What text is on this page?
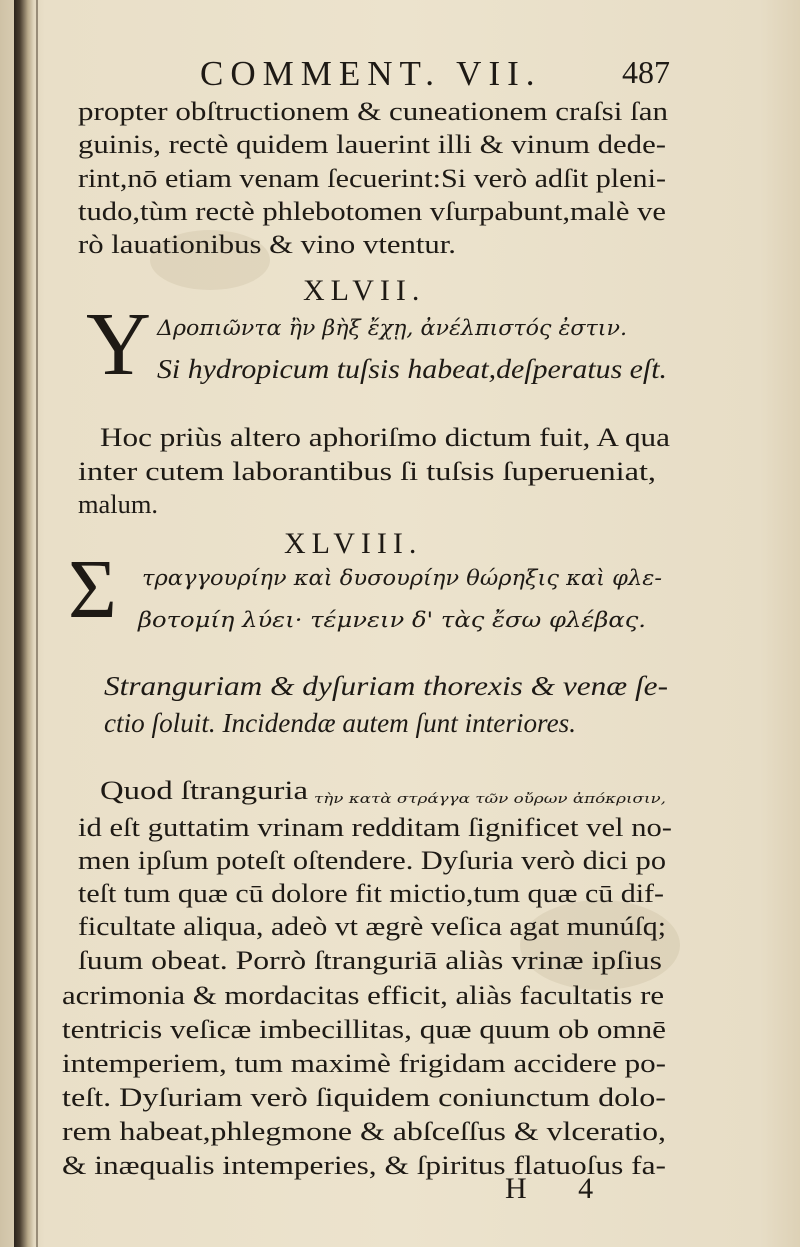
COMMENT. VII.	487
propter obſtructionem & cuneationem craſsi ſan
guinis, rectè quidem lauerint illi & vinum dede-
rint,nō etiam venam ſecuerint:Si verò adſit pleni-
tudo,tùm rectè phlebotomen vſurpabunt,malè ve
rò lauationibus & vino vtentur.
XLVII.
Y Δροπιῶντα ἢν βὴξ ἔχῃ, ἀνέλπιστός ἐστιν.
Si hydropicum tuſsis habeat,deſperatus eſt.
Hoc priùs altero aphoriſmo dictum fuit, A qua
inter cutem laborantibus ſi tuſsis ſuperueniat,
malum.
XLVIII.
Σ τραγγουρίην καὶ δυσουρίην θώρηξις καὶ φλε-
βοτομίη λύει· τέμνειν δ' τὰς ἔσω φλέβας.
Stranguriam & dyſuriam thorexis & venæ ſe-
ctio ſoluit. Incidendæ autem ſunt interiores.
Quod ſtranguria τὴν κατὰ στράγγα τῶν οὔρων ἀπόκρισιν,
id eſt guttatim vrinam redditam ſignificet vel no-
men ipſum poteſt oſtendere. Dyſuria verò dici po
teſt tum quæ cū dolore fit mictio,tum quæ cū dif-
ficultate aliqua, adeò vt ægrè veſica agat munúſq;
ſuum obeat. Porrò ſtranguriā aliàs vrinæ ipſius
acrimonia & mordacitas efficit, aliàs facultatis re
tentricis veſicæ imbecillitas, quæ quum ob omnē
intemperiem, tum maximè frigidam accidere po-
teſt. Dyſuriam verò ſiquidem coniunctum dolo-
rem habeat,phlegmone & abſceſſus & vlceratio,
& inæqualis intemperies, & ſpiritus flatuoſus fa-
H 4
